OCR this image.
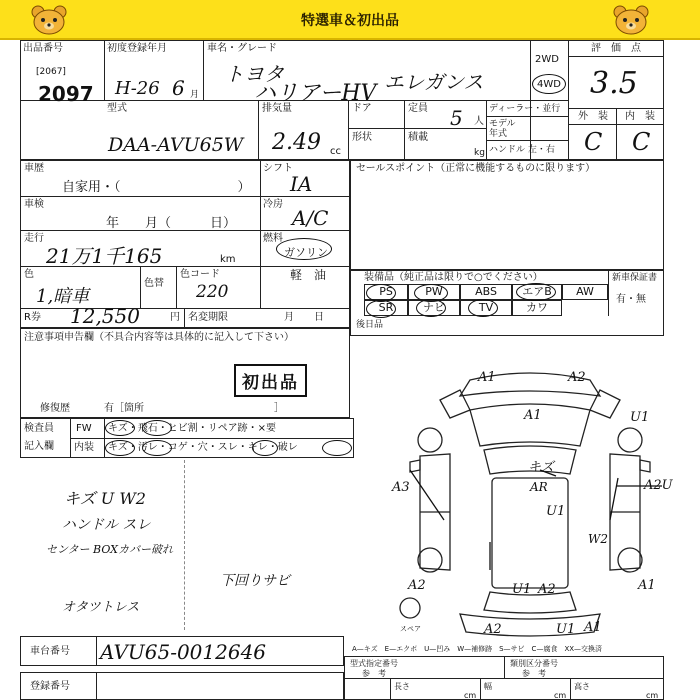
特選車＆初出品
出品番号
[2067]
2097
初度登録年月
H-26 6 月
車名・グレード
トヨタ
ハリアーHV エレガンス
2WD
4WD
評　価　点
3.5
外　装	内　装
C C
型式
DAA-AVU65W
排気量
2.49 cc
ドア
形状
定員 5 人
積載
kg
ディーラー・並行
モデル
年式
ハンドル 左・右
車歴
自家用・（　　　　　　　　　）
シフト
IA
車検
年　　月（　　　日）
冷房
A/C
走行
21万1千165	km
燃料
ガソリン
軽　油
色
1,暗車
色替
色コード
220
R券 12,550	円 名変期限	月　　日
セールスポイント（正常に機能するものに限ります）
装備品（純正品は限りで○でください）	新車保証書
有・無
PS	PW	ABS	エアB	AW
SR	ナビ	TV	カワ
後日品
注意事項申告欄（不具合内容等は具体的に記入して下さい）
初出品
修復歴	有［箇所　　　　　　　　　　　　　］
検査員
記入欄
FW キズ・飛石・ヒビ割・リペア跡・×要
内装 キズ・汚レ・コゲ・穴・スレ・キレ・破レ
キズ U W2
ハンドル スレ
センター BOXカバー破れ
下回りサビ
オタツトレス
A1	A2
A1	U1
キズ
A3	AR	A2U
U1
W2
A2	U1 A2	A1
A2	U1 A1
スペア
A—キズ　E—エクボ　U—凹み　W—補修跡　S—サビ　C—腐食　XX—交換済
車台番号 AVU65-0012646
登録番号
型式指定番号
参　考
類別区分番号
参　考
長さ
cm
幅
cm
高さ
cm
